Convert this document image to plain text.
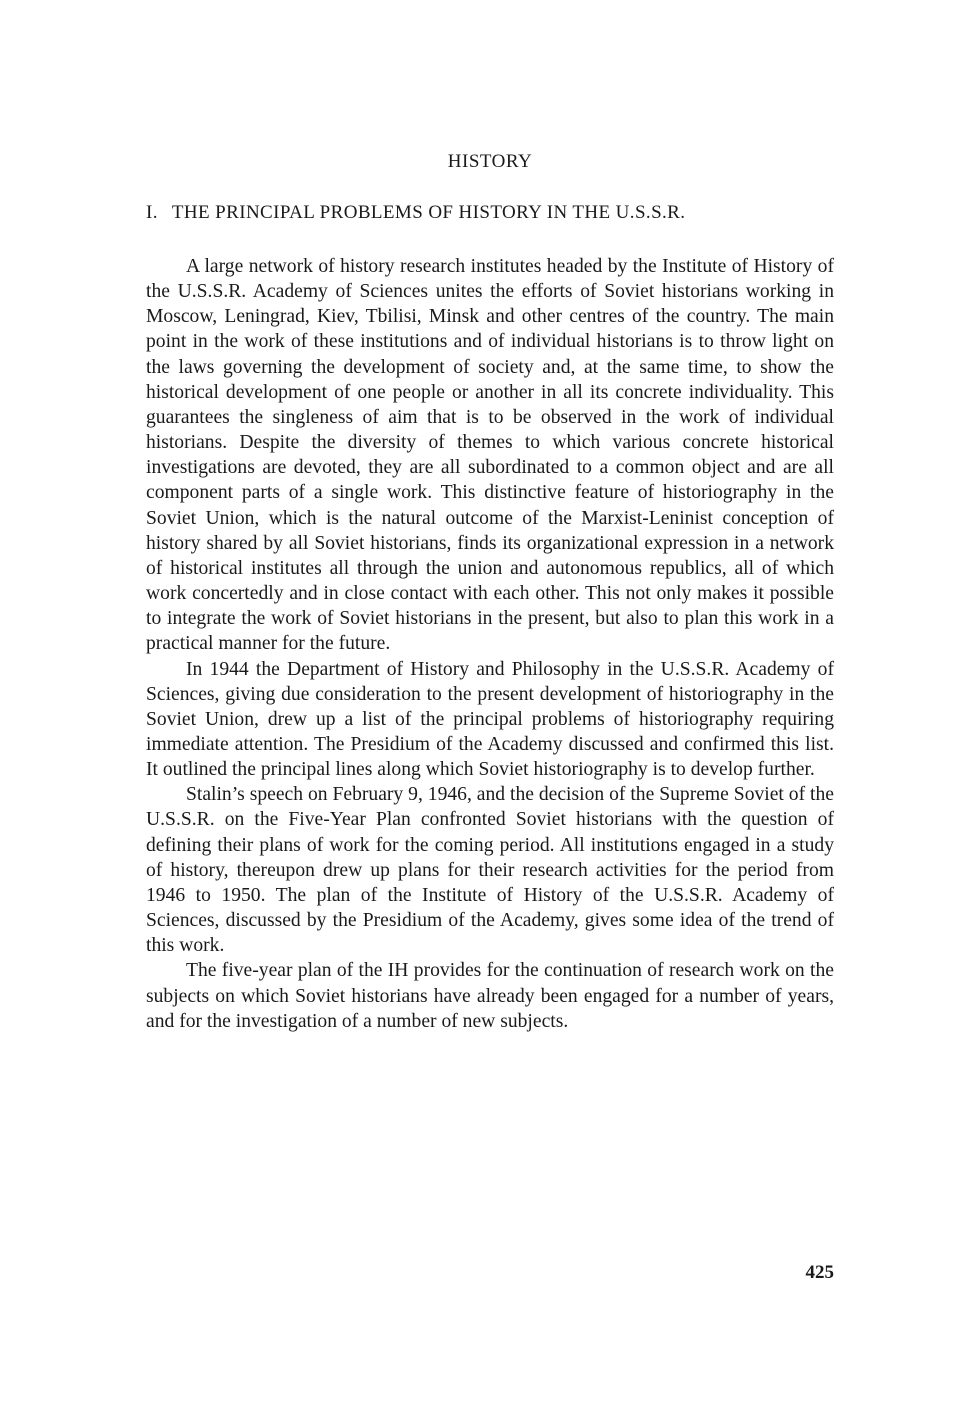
HISTORY
I. THE PRINCIPAL PROBLEMS OF HISTORY IN THE U.S.S.R.

A large network of history research institutes headed by the Institute of History of the U.S.S.R. Academy of Sciences unites the efforts of Soviet historians working in Moscow, Leningrad, Kiev, Tbilisi, Minsk and other centres of the country. The main point in the work of these institutions and of individual historians is to throw light on the laws governing the development of society and, at the same time, to show the historical development of one people or another in all its concrete individuality. This guarantees the singleness of aim that is to be observed in the work of individual historians. Despite the diversity of themes to which various concrete historical investigations are devoted, they are all subordinated to a common object and are all component parts of a single work. This distinctive feature of historiography in the Soviet Union, which is the natural outcome of the Marxist-Leninist conception of history shared by all Soviet historians, finds its organizational expression in a network of historical institutes all through the union and autonomous republics, all of which work concertedly and in close contact with each other. This not only makes it possible to integrate the work of Soviet historians in the present, but also to plan this work in a practical manner for the future.

In 1944 the Department of History and Philosophy in the U.S.S.R. Academy of Sciences, giving due consideration to the present development of historiography in the Soviet Union, drew up a list of the principal problems of historiography requiring immediate attention. The Presidium of the Academy discussed and confirmed this list. It outlined the principal lines along which Soviet historiography is to develop further.

Stalin’s speech on February 9, 1946, and the decision of the Supreme Soviet of the U.S.S.R. on the Five-Year Plan confronted Soviet historians with the question of defining their plans of work for the coming period. All institutions engaged in a study of history, thereupon drew up plans for their research activities for the period from 1946 to 1950. The plan of the Institute of History of the U.S.S.R. Academy of Sciences, discussed by the Presidium of the Academy, gives some idea of the trend of this work.

The five-year plan of the IH provides for the continuation of research work on the subjects on which Soviet historians have already been engaged for a number of years, and for the investigation of a number of new subjects.

425
